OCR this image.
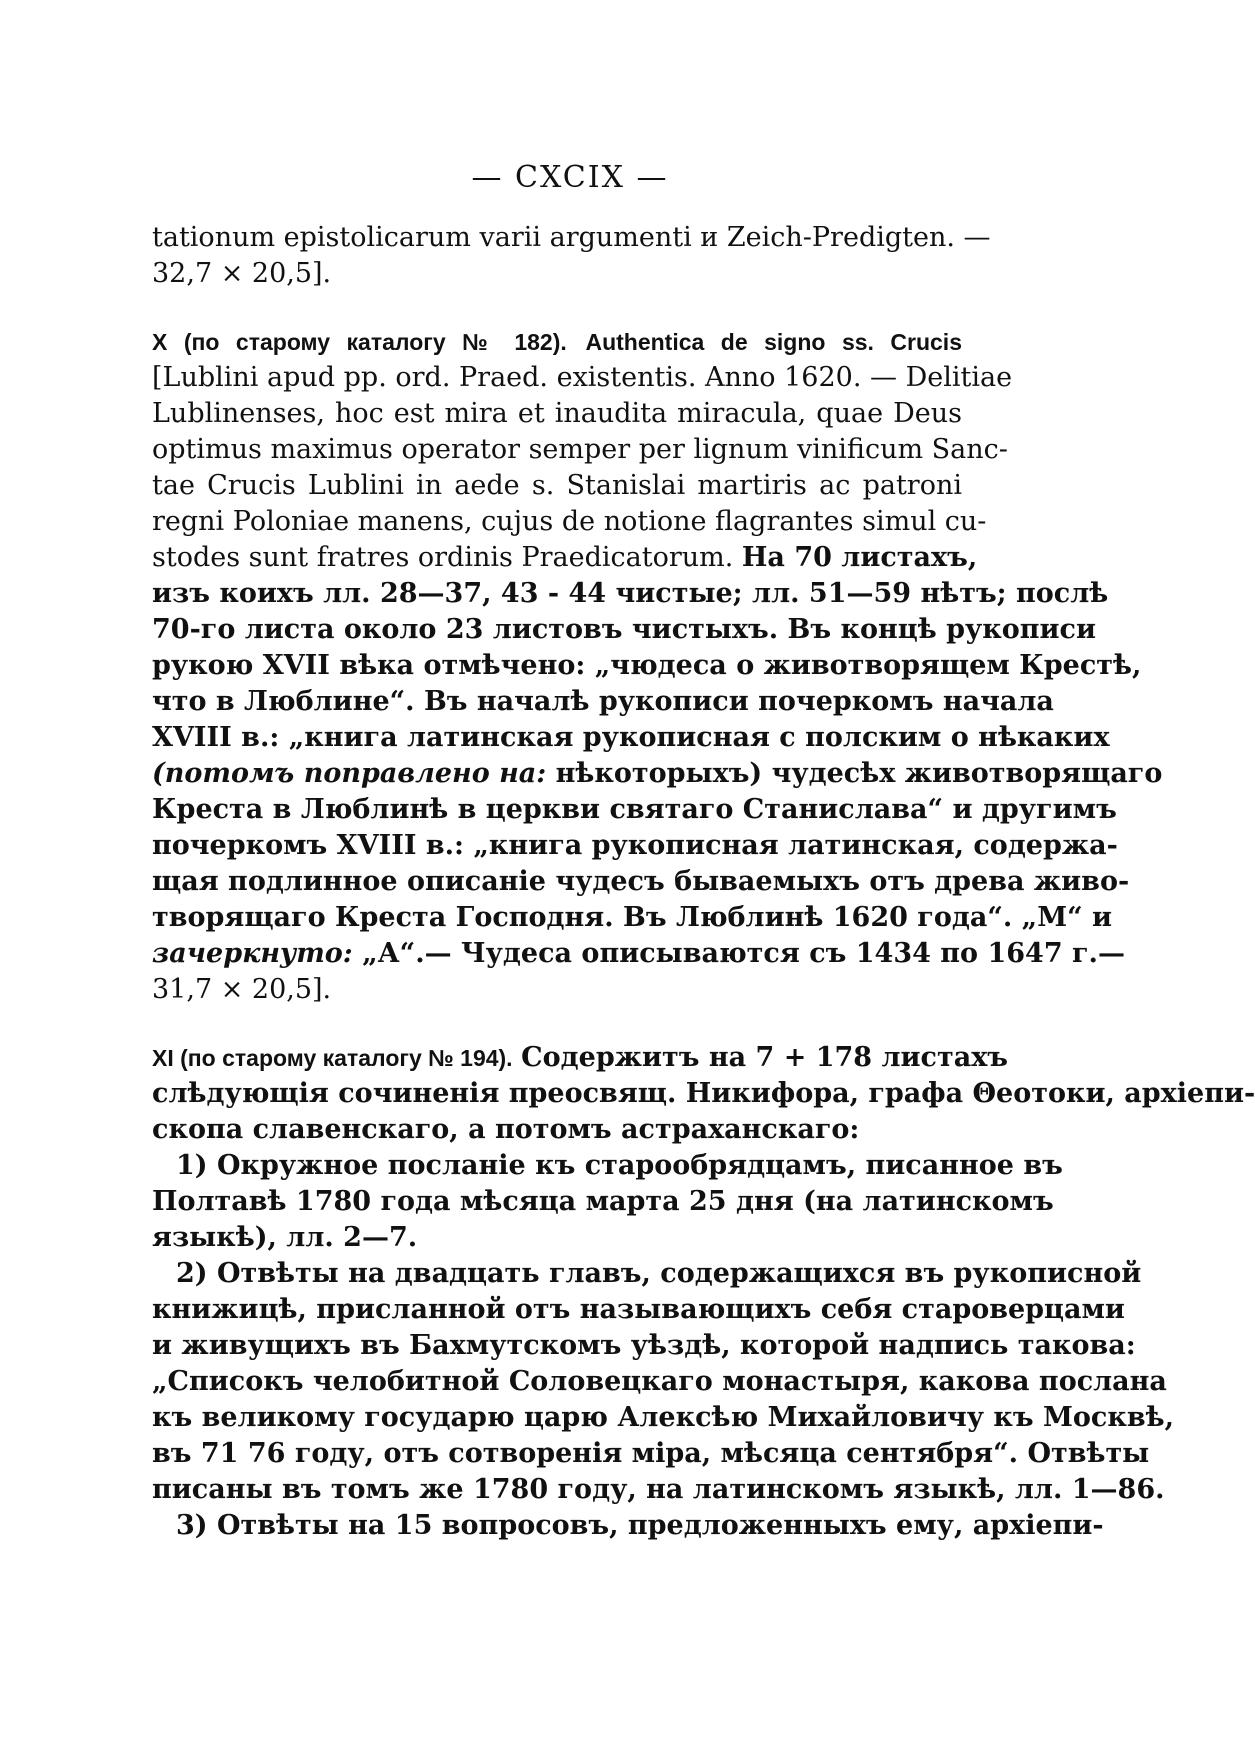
— CXCIX —
tationum epistolicarum varii argumenti и Zeich-Predigten. —
32,7 × 20,5].
X (по старому каталогу № 182). Authentica de signo ss. Crucis
[Lublini apud pp. ord. Praed. existentis. Anno 1620. — Delitiae
Lublinenses, hoc est mira et inaudita miracula, quae Deus
optimus maximus operator semper per lignum vinificum Sanc-
tae Crucis Lublini in aede s. Stanislai martiris ac patroni
regni Poloniae manens, cujus de notione flagrantes simul cu-
stodes sunt fratres ordinis Praedicatorum. На 70 листахъ,
изъ коихъ лл. 28—37, 43 - 44 чистые; лл. 51—59 нѣтъ; послѣ
70-го листа около 23 листовъ чистыхъ. Въ концѣ рукописи
рукою XVII вѣка отмѣчено: „чюдеса о животворящем Крестѣ,
что в Люблине“. Въ началѣ рукописи почеркомъ начала
XVIII в.: „книга латинская рукописная с полским о нѣкаких
(потомъ поправлено на: нѣкоторыхъ) чудесѣх животворящаго
Креста в Люблинѣ в церкви святаго Станислава“ и другимъ
почеркомъ XVIII в.: „книга рукописная латинская, содержа-
щая подлинное описаніе чудесъ бываемыхъ отъ древа живо-
творящаго Креста Господня. Въ Люблинѣ 1620 года“. „М“ и
зачеркнуто: „А“.— Чудеса описываются съ 1434 по 1647 г.—
31,7 × 20,5].
XI (по старому каталогу № 194). Содержитъ на 7 + 178 листахъ
слѣдующія сочиненія преосвящ. Никифора, графа Θеотоки, архіепи-
скопа славенскаго, а потомъ астраханскаго:
1) Окружное посланіе къ старообрядцамъ, писанное въ
Полтавѣ 1780 года мѣсяца марта 25 дня (на латинскомъ
языкѣ), лл. 2—7.
2) Отвѣты на двадцать главъ, содержащихся въ рукописной
книжицѣ, присланной отъ называющихъ себя староверцами
и живущихъ въ Бахмутскомъ уѣздѣ, которой надпись такова:
„Списокъ челобитной Соловецкаго монастыря, какова послана
къ великому государю царю Алексѣю Михайловичу къ Москвѣ,
въ 71 76 году, отъ сотворенія міра, мѣсяца сентября“. Отвѣты
писаны въ томъ же 1780 году, на латинскомъ языкѣ, лл. 1—86.
3) Отвѣты на 15 вопросовъ, предложенныхъ ему, архіепи-
